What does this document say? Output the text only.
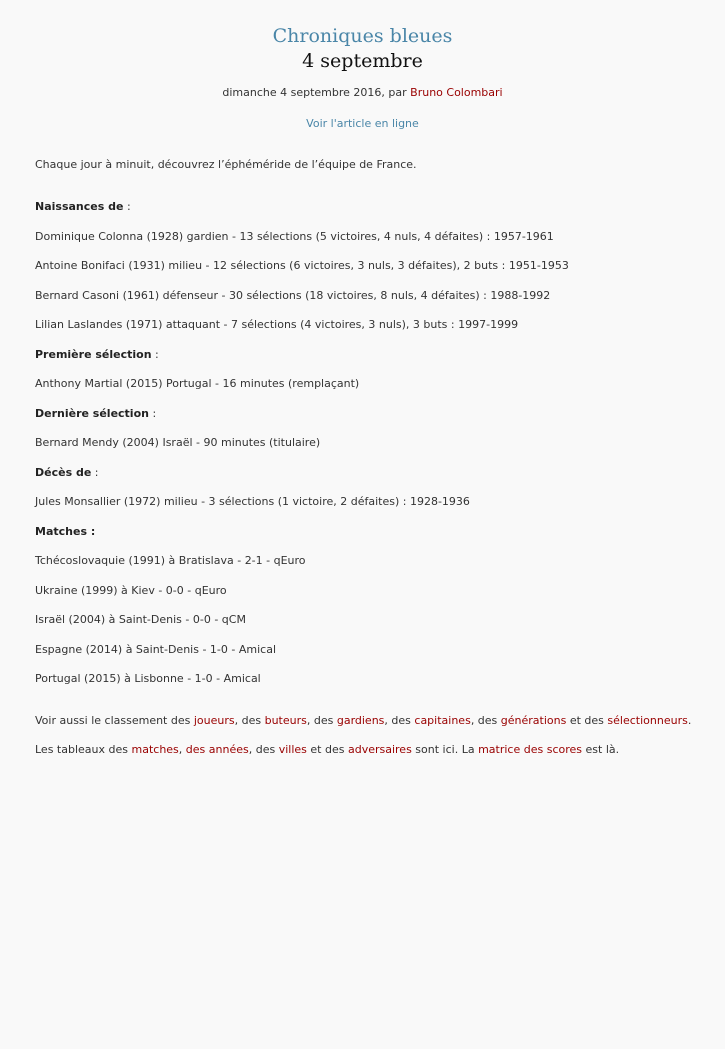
Chroniques bleues
4 septembre
dimanche 4 septembre 2016, par Bruno Colombari
Voir l'article en ligne

Chaque jour à minuit, découvrez l’éphéméride de l’équipe de France.

Naissances de :

Dominique Colonna (1928) gardien - 13 sélections (5 victoires, 4 nuls, 4 défaites) : 1957-1961

Antoine Bonifaci (1931) milieu - 12 sélections (6 victoires, 3 nuls, 3 défaites), 2 buts : 1951-1953

Bernard Casoni (1961) défenseur - 30 sélections (18 victoires, 8 nuls, 4 défaites) : 1988-1992

Lilian Laslandes (1971) attaquant - 7 sélections (4 victoires, 3 nuls), 3 buts : 1997-1999

Première sélection :

Anthony Martial (2015) Portugal - 16 minutes (remplaçant)

Dernière sélection :

Bernard Mendy (2004) Israël - 90 minutes (titulaire)

Décès de :

Jules Monsallier (1972) milieu - 3 sélections (1 victoire, 2 défaites) : 1928-1936

Matches :

Tchécoslovaquie (1991) à Bratislava - 2-1 - qEuro

Ukraine (1999) à Kiev - 0-0 - qEuro

Israël (2004) à Saint-Denis - 0-0 - qCM

Espagne (2014) à Saint-Denis - 1-0 - Amical

Portugal (2015) à Lisbonne - 1-0 - Amical

Voir aussi le classement des joueurs, des buteurs, des gardiens, des capitaines, des générations et des sélectionneurs.

Les tableaux des matches, des années, des villes et des adversaires sont ici. La matrice des scores est là.
